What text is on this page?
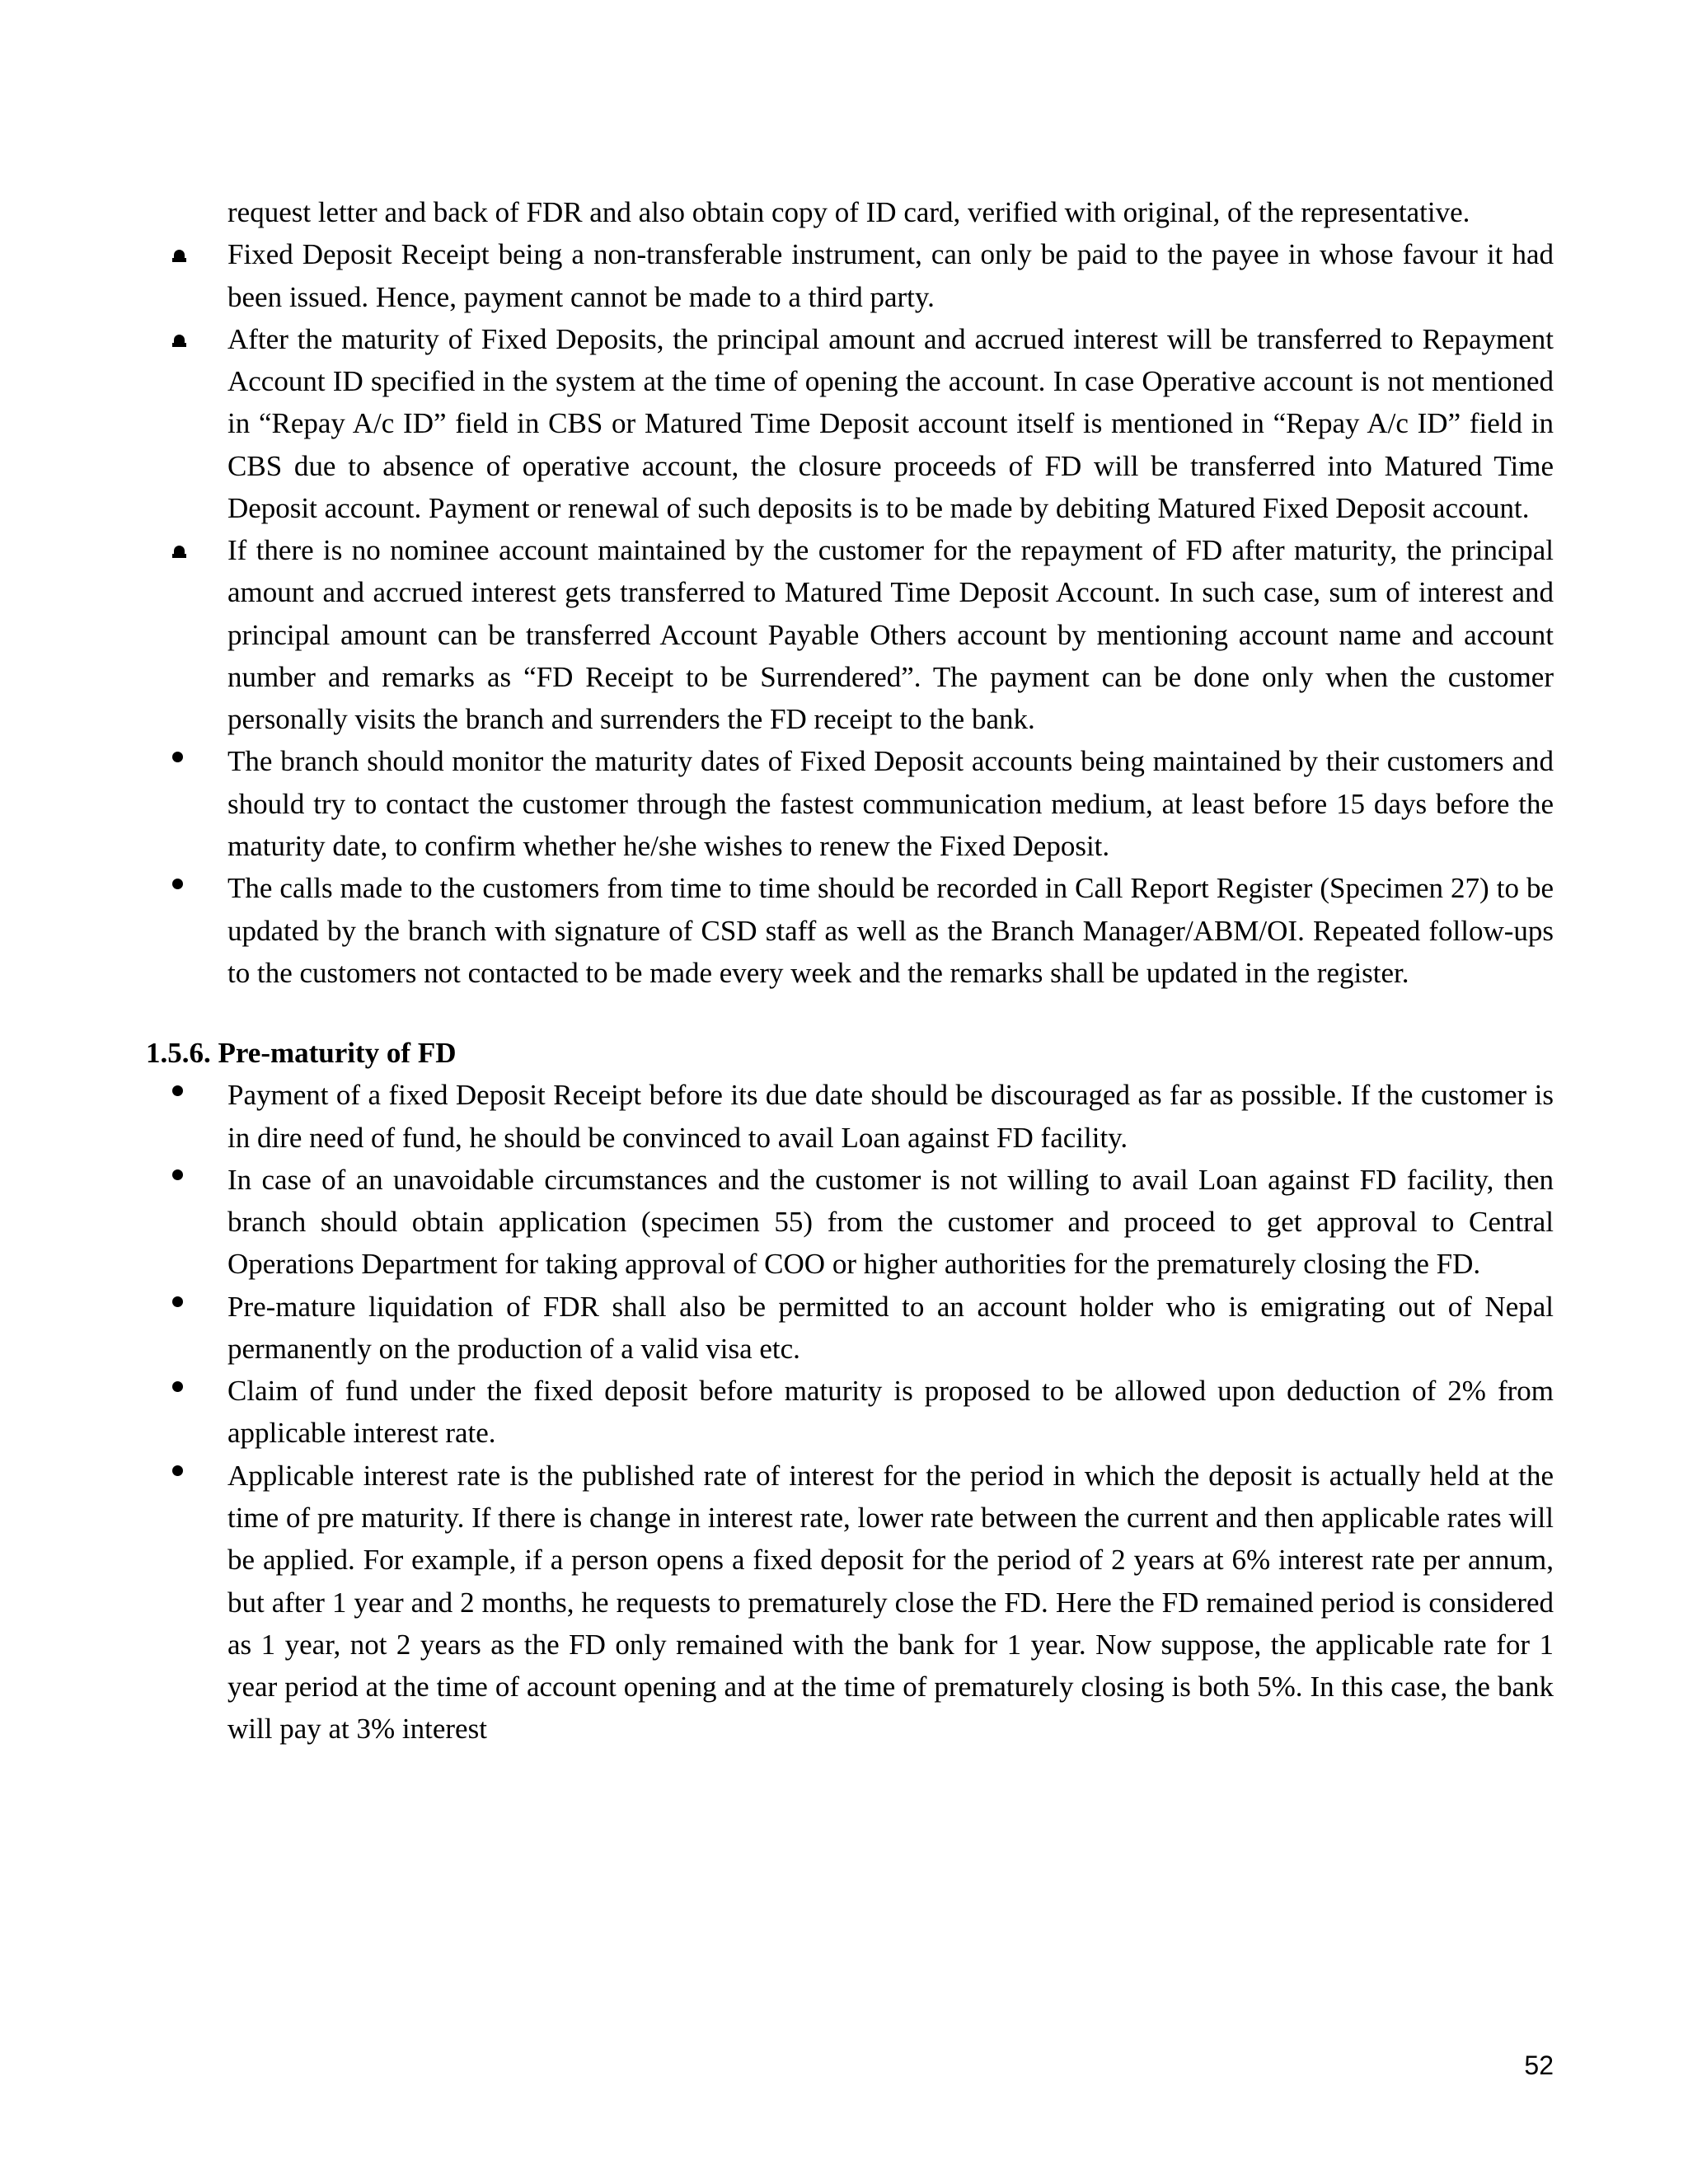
request letter and back of FDR and also obtain copy of ID card, verified with original, of the representative.

Fixed Deposit Receipt being a non-transferable instrument, can only be paid to the payee in whose favour it had been issued. Hence, payment cannot be made to a third party.
After the maturity of Fixed Deposits, the principal amount and accrued interest will be transferred to Repayment Account ID specified in the system at the time of opening the account. In case Operative account is not mentioned in “Repay A/c ID” field in CBS or Matured Time Deposit account itself is mentioned in “Repay A/c ID” field in CBS due to absence of operative account, the closure proceeds of FD will be transferred into Matured Time Deposit account. Payment or renewal of such deposits is to be made by debiting Matured Fixed Deposit account.
If there is no nominee account maintained by the customer for the repayment of FD after maturity, the principal amount and accrued interest gets transferred to Matured Time Deposit Account. In such case, sum of interest and principal amount can be transferred Account Payable Others account by mentioning account name and account number and remarks as “FD Receipt to be Surrendered”. The payment can be done only when the customer personally visits the branch and surrenders the FD receipt to the bank.
The branch should monitor the maturity dates of Fixed Deposit accounts being maintained by their customers and should try to contact the customer through the fastest communication medium, at least before 15 days before the maturity date, to confirm whether he/she wishes to renew the Fixed Deposit.
The calls made to the customers from time to time should be recorded in Call Report Register (Specimen 27) to be updated by the branch with signature of CSD staff as well as the Branch Manager/ABM/OI. Repeated follow-ups to the customers not contacted to be made every week and the remarks shall be updated in the register.

1.5.6. Pre-maturity of FD

Payment of a fixed Deposit Receipt before its due date should be discouraged as far as possible. If the customer is in dire need of fund, he should be convinced to avail Loan against FD facility.
In case of an unavoidable circumstances and the customer is not willing to avail Loan against FD facility, then branch should obtain application (specimen 55) from the customer and proceed to get approval to Central Operations Department for taking approval of COO or higher authorities for the prematurely closing the FD.
Pre-mature liquidation of FDR shall also be permitted to an account holder who is emigrating out of Nepal permanently on the production of a valid visa etc.
Claim of fund under the fixed deposit before maturity is proposed to be allowed upon deduction of 2% from applicable interest rate.
Applicable interest rate is the published rate of interest for the period in which the deposit is actually held at the time of pre maturity. If there is change in interest rate, lower rate between the current and then applicable rates will be applied. For example, if a person opens a fixed deposit for the period of 2 years at 6% interest rate per annum, but after 1 year and 2 months, he requests to prematurely close the FD. Here the FD remained period is considered as 1 year, not 2 years as the FD only remained with the bank for 1 year. Now suppose, the applicable rate for 1 year period at the time of account opening and at the time of prematurely closing is both 5%. In this case, the bank will pay at 3% interest
52
